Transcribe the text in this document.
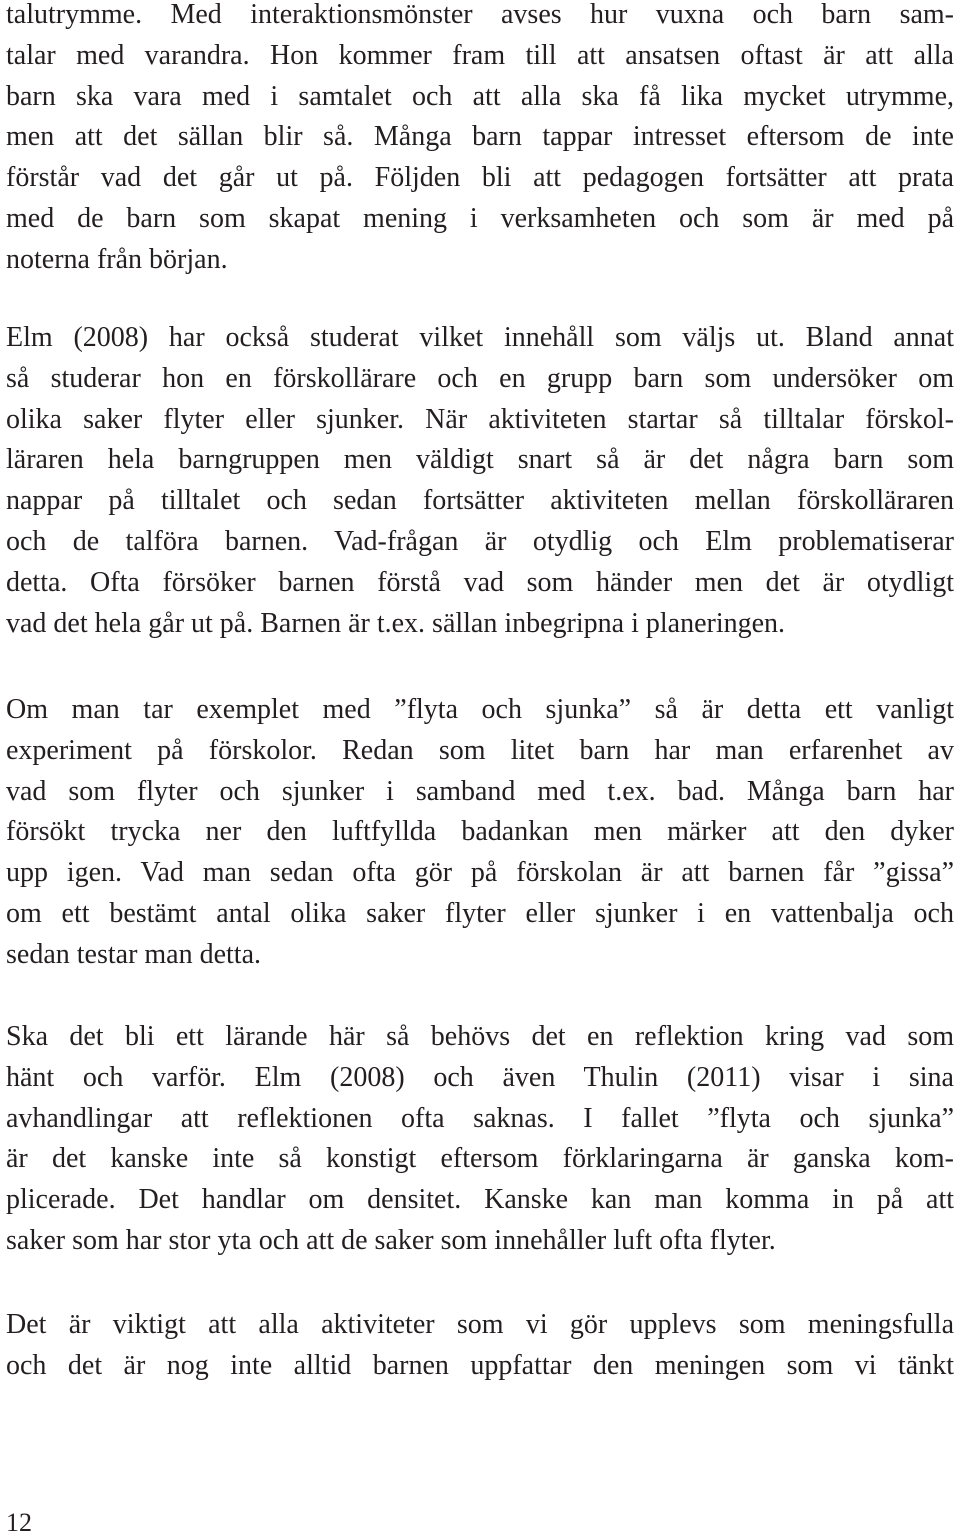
talutrymme. Med interaktionsmönster avses hur vuxna och barn sam-
talar med varandra. Hon kommer fram till att ansatsen oftast är att alla
barn ska vara med i samtalet och att alla ska få lika mycket utrymme,
men att det sällan blir så. Många barn tappar intresset eftersom de inte
förstår vad det går ut på. Följden bli att pedagogen fortsätter att prata
med de barn som skapat mening i verksamheten och som är med på
noterna från början.
Elm (2008) har också studerat vilket innehåll som väljs ut. Bland annat
så studerar hon en förskollärare och en grupp barn som undersöker om
olika saker flyter eller sjunker. När aktiviteten startar så tilltalar förskol-
läraren hela barngruppen men väldigt snart så är det några barn som
nappar på tilltalet och sedan fortsätter aktiviteten mellan förskolläraren
och de talföra barnen. Vad-frågan är otydlig och Elm problematiserar
detta. Ofta försöker barnen förstå vad som händer men det är otydligt
vad det hela går ut på. Barnen är t.ex. sällan inbegripna i planeringen.
Om man tar exemplet med ”flyta och sjunka” så är detta ett vanligt
experiment på förskolor. Redan som litet barn har man erfarenhet av
vad som flyter och sjunker i samband med t.ex. bad. Många barn har
försökt trycka ner den luftfyllda badankan men märker att den dyker
upp igen. Vad man sedan ofta gör på förskolan är att barnen får ”gissa”
om ett bestämt antal olika saker flyter eller sjunker i en vattenbalja och
sedan testar man detta.
Ska det bli ett lärande här så behövs det en reflektion kring vad som
hänt och varför. Elm (2008) och även Thulin (2011) visar i sina
avhandlingar att reflektionen ofta saknas. I fallet ”flyta och sjunka”
är det kanske inte så konstigt eftersom förklaringarna är ganska kom-
plicerade. Det handlar om densitet. Kanske kan man komma in på att
saker som har stor yta och att de saker som innehåller luft ofta flyter.
Det är viktigt att alla aktiviteter som vi gör upplevs som meningsfulla
och det är nog inte alltid barnen uppfattar den meningen som vi tänkt
12
